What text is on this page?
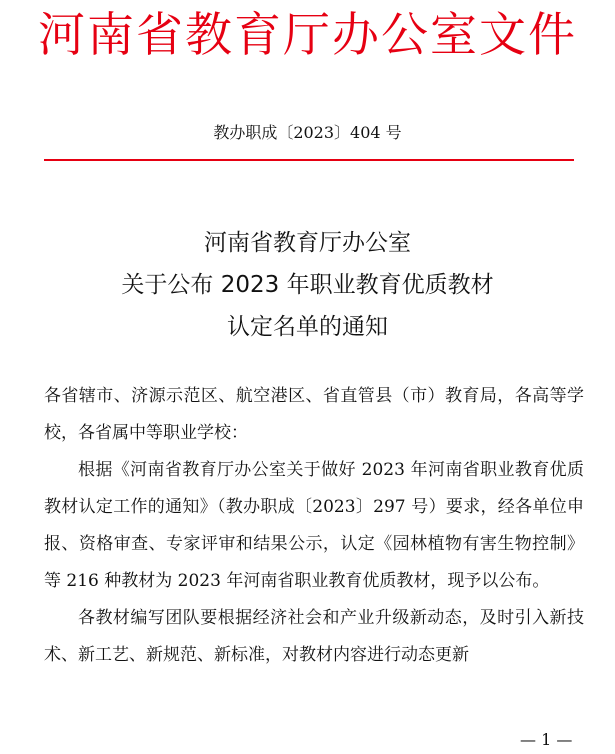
河南省教育厅办公室文件
教办职成〔2023〕404 号
河南省教育厅办公室
关于公布 2023 年职业教育优质教材
认定名单的通知

各省辖市、济源示范区、航空港区、省直管县（市）教育局，各高等学校，各省属中等职业学校：

根据《河南省教育厅办公室关于做好 2023 年河南省职业教育优质教材认定工作的通知》（教办职成〔2023〕297 号）要求，经各单位申报、资格审查、专家评审和结果公示，认定《园林植物有害生物控制》等 216 种教材为 2023 年河南省职业教育优质教材，现予以公布。

各教材编写团队要根据经济社会和产业升级新动态，及时引入新技术、新工艺、新规范、新标准，对教材内容进行动态更新

— 1 —
